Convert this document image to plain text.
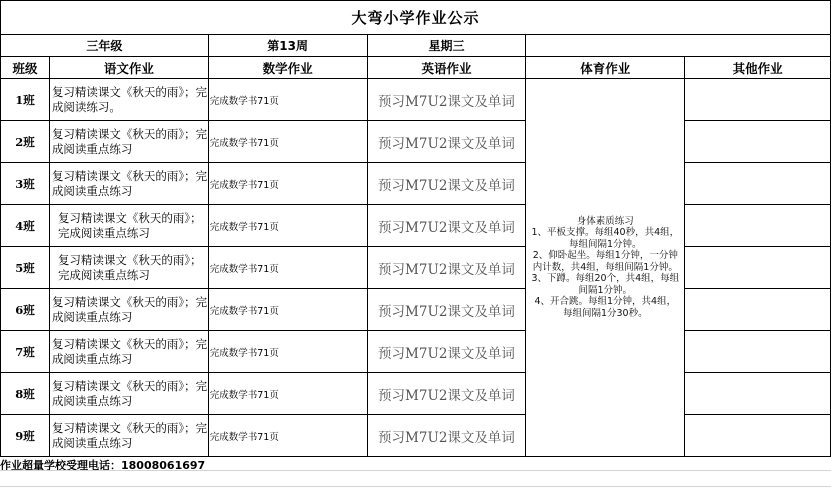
大弯小学作业公示					
三年级		第13周	星期三		
班级	语文作业	数学作业	英语作业	体育作业	其他作业
1班	复习精读课文《秋天的雨》；完成阅读练习。	完成数学书71页	预习M7U2课文及单词	身体素质练习
1、平板支撑。每组40秒，共4组，每组间隔1分钟。
2、仰卧起坐。每组1分钟，一分钟内计数，共4组，每组间隔1分钟。
3、下蹲。每组20个，共4组，每组间隔1分钟。
4、开合跳。每组1分钟，共4组，每组间隔1分30秒。	

2班	复习精读课文《秋天的雨》；完成阅读重点练习	完成数学书71页	预习M7U2课文及单词		
3班	复习精读课文《秋天的雨》；完成阅读重点练习	完成数学书71页	预习M7U2课文及单词		
4班	复习精读课文《秋天的雨》；完成阅读重点练习	完成数学书71页	预习M7U2课文及单词		
5班	复习精读课文《秋天的雨》；完成阅读重点练习	完成数学书71页	预习M7U2课文及单词		
6班	复习精读课文《秋天的雨》；完成阅读重点练习	完成数学书71页	预习M7U2课文及单词		
7班	复习精读课文《秋天的雨》；完成阅读重点练习	完成数学书71页	预习M7U2课文及单词		
8班	复习精读课文《秋天的雨》；完成阅读重点练习	完成数学书71页	预习M7U2课文及单词		
9班	复习精读课文《秋天的雨》；完成阅读重点练习	完成数学书71页	预习M7U2课文及单词		
作业超量学校受理电话：18008061697
